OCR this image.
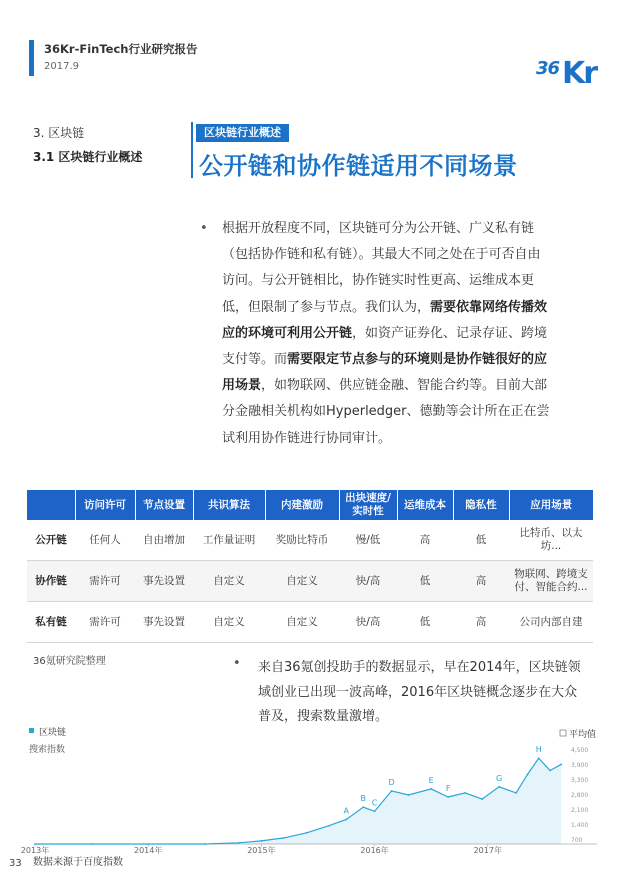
36Kr-FinTech行业研究报告
2017.9	36 Kr
3. 区块链
3.1 区块链行业概述
区块链行业概述
公开链和协作链适用不同场景
• 根据开放程度不同，区块链可分为公开链、广义私有链（包括协作链和私有链）。其最大不同之处在于可否自由访问。与公开链相比，协作链实时性更高、运维成本更低，但限制了参与节点。我们认为，需要依靠网络传播效应的环境可利用公开链，如资产证券化、记录存证、跨境支付等。而需要限定节点参与的环境则是协作链很好的应用场景，如物联网、供应链金融、智能合约等。目前大部分金融相关机构如Hyperledger、德勤等会计所在正在尝试利用协作链进行协同审计。
	访问许可	节点设置	共识算法	内建激励	出块速度/实时性	运维成本	隐私性	应用场景
公开链	任何人	自由增加	工作量证明	奖励比特币	慢/低	高	低	比特币、以太坊...
协作链	需许可	事先设置	自定义	自定义	快/高	低	高	物联网、跨境支付、智能合约...
私有链	需许可	事先设置	自定义	自定义	快/高	低	高	公司内部自建
36氪研究院整理	• 来自36氪创投助手的数据显示，早在2014年，区块链领域创业已出现一波高峰，2016年区块链概念逐步在大众普及，搜索数量激增。
区块链
搜索指数
平均值
4,500
3,900
3,300
2,800
2,100
1,400
700
2013年	2014年	2015年	2016年	2017年
A
B C
D	E
F
G
H
数据来源于百度指数
33
